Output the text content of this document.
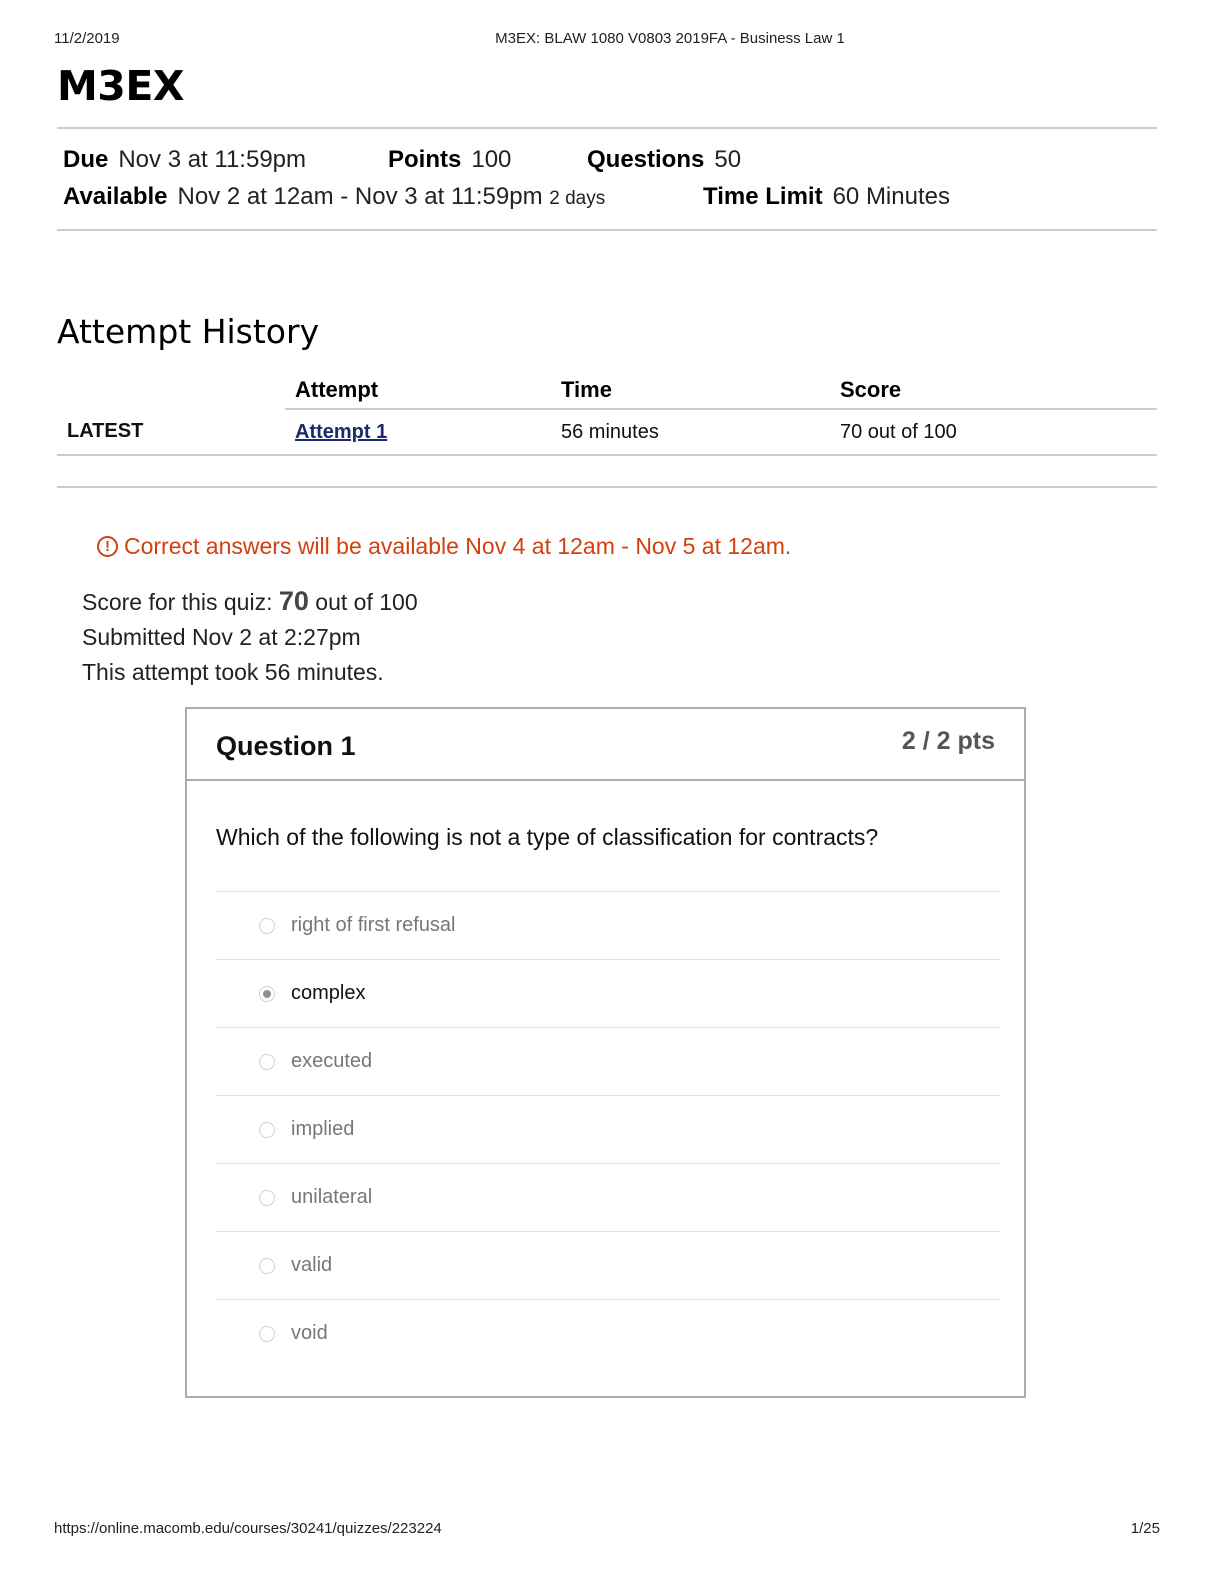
11/2/2019	M3EX: BLAW 1080 V0803 2019FA - Business Law 1
M3EX
Due Nov 3 at 11:59pm	Points 100	Questions 50
Available Nov 2 at 12am - Nov 3 at 11:59pm 2 days	Time Limit 60 Minutes
Attempt History
	Attempt	Time	Score
LATEST	Attempt 1	56 minutes	70 out of 100
! Correct answers will be available Nov 4 at 12am - Nov 5 at 12am.
Score for this quiz: 70 out of 100
Submitted Nov 2 at 2:27pm
This attempt took 56 minutes.
Question 1	2 / 2 pts
Which of the following is not a type of classification for contracts?
right of first refusal
complex
executed
implied
unilateral
valid
void
https://online.macomb.edu/courses/30241/quizzes/223224	1/25
